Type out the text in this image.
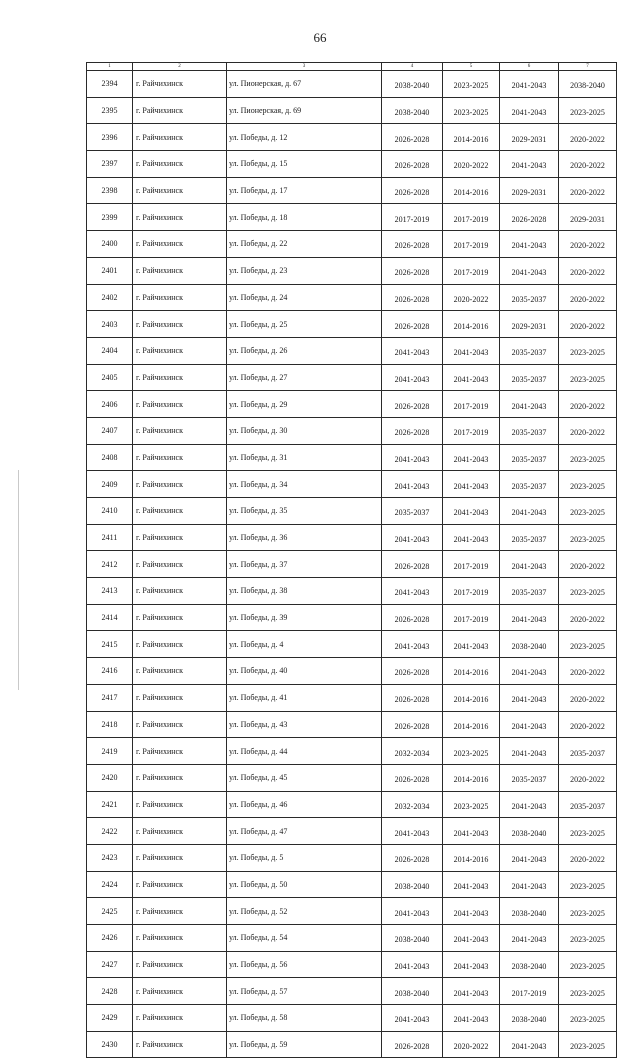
66
1	2	3	4	5	6	7
2394	г. Райчихинск	ул. Пионерская, д. 67	2038-2040	2023-2025	2041-2043	2038-2040
2395	г. Райчихинск	ул. Пионерская, д. 69	2038-2040	2023-2025	2041-2043	2023-2025
2396	г. Райчихинск	ул. Победы, д. 12	2026-2028	2014-2016	2029-2031	2020-2022
2397	г. Райчихинск	ул. Победы, д. 15	2026-2028	2020-2022	2041-2043	2020-2022
2398	г. Райчихинск	ул. Победы, д. 17	2026-2028	2014-2016	2029-2031	2020-2022
2399	г. Райчихинск	ул. Победы, д. 18	2017-2019	2017-2019	2026-2028	2029-2031
2400	г. Райчихинск	ул. Победы, д. 22	2026-2028	2017-2019	2041-2043	2020-2022
2401	г. Райчихинск	ул. Победы, д. 23	2026-2028	2017-2019	2041-2043	2020-2022
2402	г. Райчихинск	ул. Победы, д. 24	2026-2028	2020-2022	2035-2037	2020-2022
2403	г. Райчихинск	ул. Победы, д. 25	2026-2028	2014-2016	2029-2031	2020-2022
2404	г. Райчихинск	ул. Победы, д. 26	2041-2043	2041-2043	2035-2037	2023-2025
2405	г. Райчихинск	ул. Победы, д. 27	2041-2043	2041-2043	2035-2037	2023-2025
2406	г. Райчихинск	ул. Победы, д. 29	2026-2028	2017-2019	2041-2043	2020-2022
2407	г. Райчихинск	ул. Победы, д. 30	2026-2028	2017-2019	2035-2037	2020-2022
2408	г. Райчихинск	ул. Победы, д. 31	2041-2043	2041-2043	2035-2037	2023-2025
2409	г. Райчихинск	ул. Победы, д. 34	2041-2043	2041-2043	2035-2037	2023-2025
2410	г. Райчихинск	ул. Победы, д. 35	2035-2037	2041-2043	2041-2043	2023-2025
2411	г. Райчихинск	ул. Победы, д. 36	2041-2043	2041-2043	2035-2037	2023-2025
2412	г. Райчихинск	ул. Победы, д. 37	2026-2028	2017-2019	2041-2043	2020-2022
2413	г. Райчихинск	ул. Победы, д. 38	2041-2043	2017-2019	2035-2037	2023-2025
2414	г. Райчихинск	ул. Победы, д. 39	2026-2028	2017-2019	2041-2043	2020-2022
2415	г. Райчихинск	ул. Победы, д. 4	2041-2043	2041-2043	2038-2040	2023-2025
2416	г. Райчихинск	ул. Победы, д. 40	2026-2028	2014-2016	2041-2043	2020-2022
2417	г. Райчихинск	ул. Победы, д. 41	2026-2028	2014-2016	2041-2043	2020-2022
2418	г. Райчихинск	ул. Победы, д. 43	2026-2028	2014-2016	2041-2043	2020-2022
2419	г. Райчихинск	ул. Победы, д. 44	2032-2034	2023-2025	2041-2043	2035-2037
2420	г. Райчихинск	ул. Победы, д. 45	2026-2028	2014-2016	2035-2037	2020-2022
2421	г. Райчихинск	ул. Победы, д. 46	2032-2034	2023-2025	2041-2043	2035-2037
2422	г. Райчихинск	ул. Победы, д. 47	2041-2043	2041-2043	2038-2040	2023-2025
2423	г. Райчихинск	ул. Победы, д. 5	2026-2028	2014-2016	2041-2043	2020-2022
2424	г. Райчихинск	ул. Победы, д. 50	2038-2040	2041-2043	2041-2043	2023-2025
2425	г. Райчихинск	ул. Победы, д. 52	2041-2043	2041-2043	2038-2040	2023-2025
2426	г. Райчихинск	ул. Победы, д. 54	2038-2040	2041-2043	2041-2043	2023-2025
2427	г. Райчихинск	ул. Победы, д. 56	2041-2043	2041-2043	2038-2040	2023-2025
2428	г. Райчихинск	ул. Победы, д. 57	2038-2040	2041-2043	2017-2019	2023-2025
2429	г. Райчихинск	ул. Победы, д. 58	2041-2043	2041-2043	2038-2040	2023-2025
2430	г. Райчихинск	ул. Победы, д. 59	2026-2028	2020-2022	2041-2043	2023-2025
